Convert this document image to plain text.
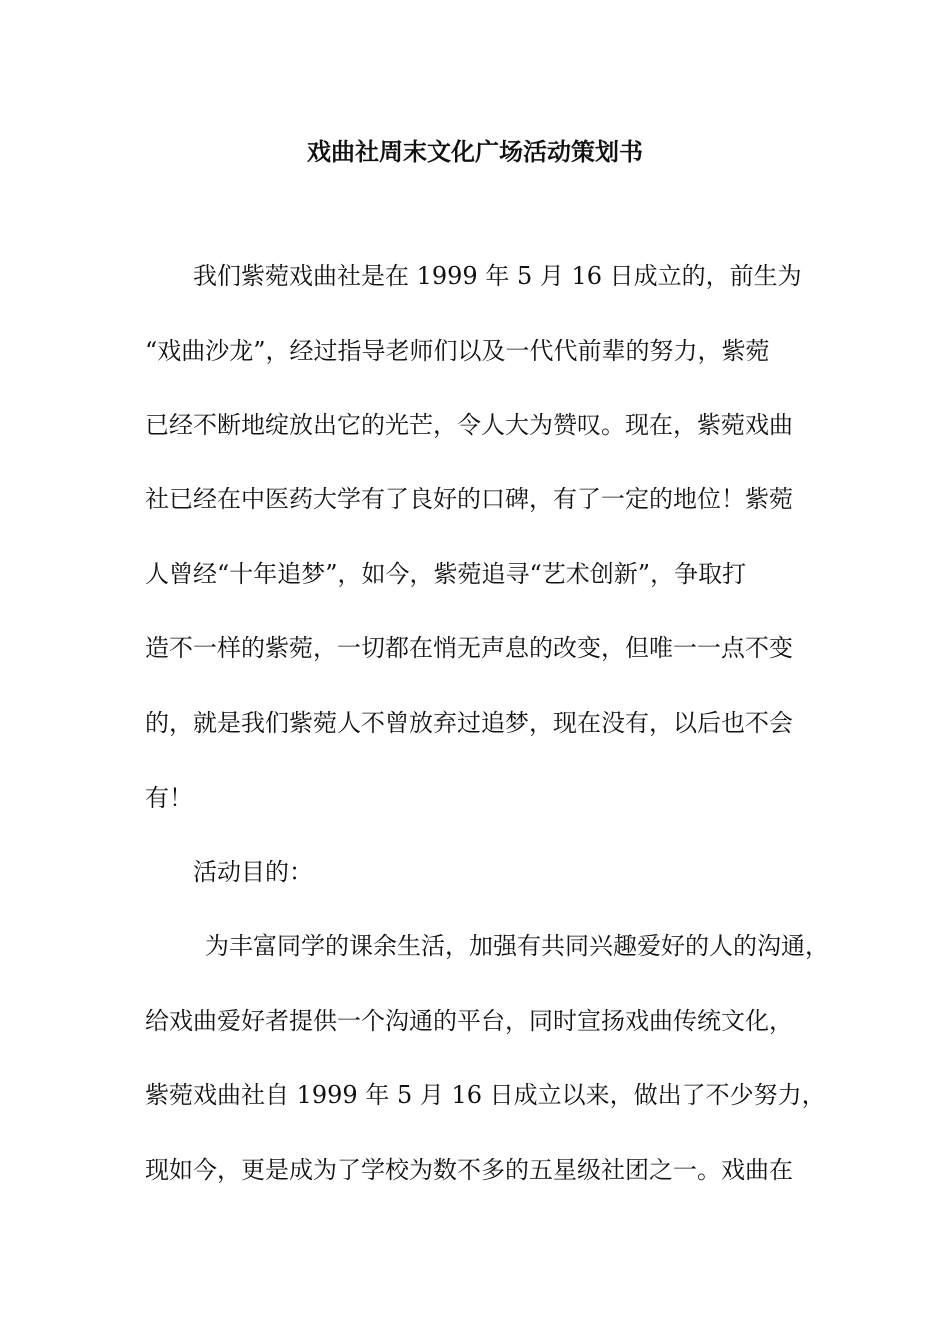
戏曲社周末文化广场活动策划书

我们紫菀戏曲社是在 1999 年 5 月 16 日成立的，前生为

“戏曲沙龙”，经过指导老师们以及一代代前辈的努力，紫菀

已经不断地绽放出它的光芒，令人大为赞叹。现在，紫菀戏曲

社已经在中医药大学有了良好的口碑，有了一定的地位！紫菀

人曾经“十年追梦”，如今，紫菀追寻“艺术创新”，争取打

造不一样的紫菀，一切都在悄无声息的改变，但唯一一点不变

的，就是我们紫菀人不曾放弃过追梦，现在没有，以后也不会

有！

活动目的：

为丰富同学的课余生活，加强有共同兴趣爱好的人的沟通，

给戏曲爱好者提供一个沟通的平台，同时宣扬戏曲传统文化，

紫菀戏曲社自 1999 年 5 月 16 日成立以来，做出了不少努力，

现如今，更是成为了学校为数不多的五星级社团之一。戏曲在
